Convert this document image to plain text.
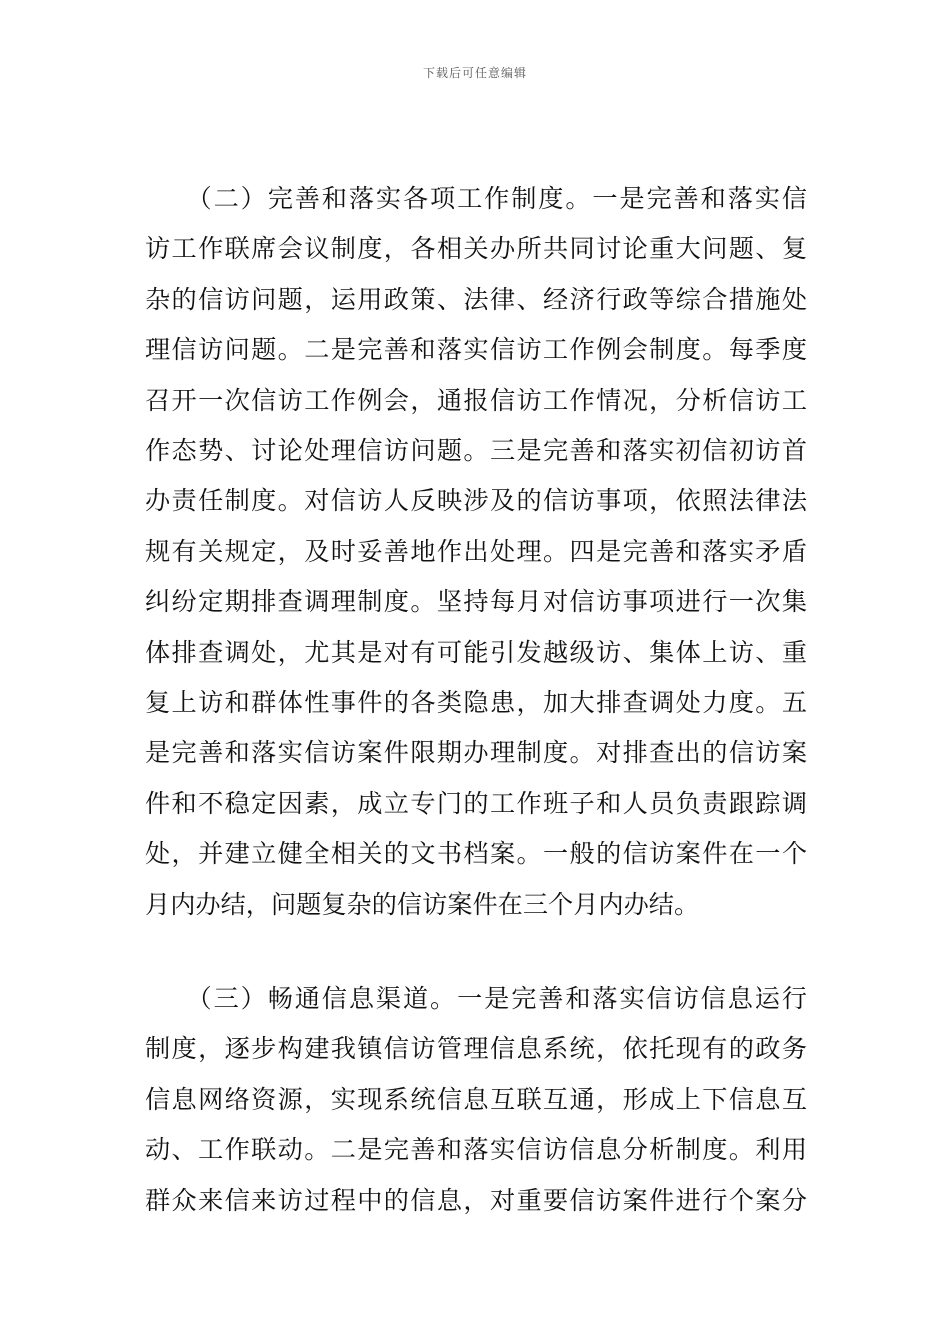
下载后可任意编辑
　　（二）完善和落实各项工作制度。一是完善和落实信
访工作联席会议制度，各相关办所共同讨论重大问题、复
杂的信访问题，运用政策、法律、经济行政等综合措施处
理信访问题。二是完善和落实信访工作例会制度。每季度
召开一次信访工作例会，通报信访工作情况，分析信访工
作态势、讨论处理信访问题。三是完善和落实初信初访首
办责任制度。对信访人反映涉及的信访事项，依照法律法
规有关规定，及时妥善地作出处理。四是完善和落实矛盾
纠纷定期排查调理制度。坚持每月对信访事项进行一次集
体排查调处，尤其是对有可能引发越级访、集体上访、重
复上访和群体性事件的各类隐患，加大排查调处力度。五
是完善和落实信访案件限期办理制度。对排查出的信访案
件和不稳定因素，成立专门的工作班子和人员负责跟踪调
处，并建立健全相关的文书档案。一般的信访案件在一个
月内办结，问题复杂的信访案件在三个月内办结。
　　（三）畅通信息渠道。一是完善和落实信访信息运行
制度，逐步构建我镇信访管理信息系统，依托现有的政务
信息网络资源，实现系统信息互联互通，形成上下信息互
动、工作联动。二是完善和落实信访信息分析制度。利用
群众来信来访过程中的信息，对重要信访案件进行个案分
